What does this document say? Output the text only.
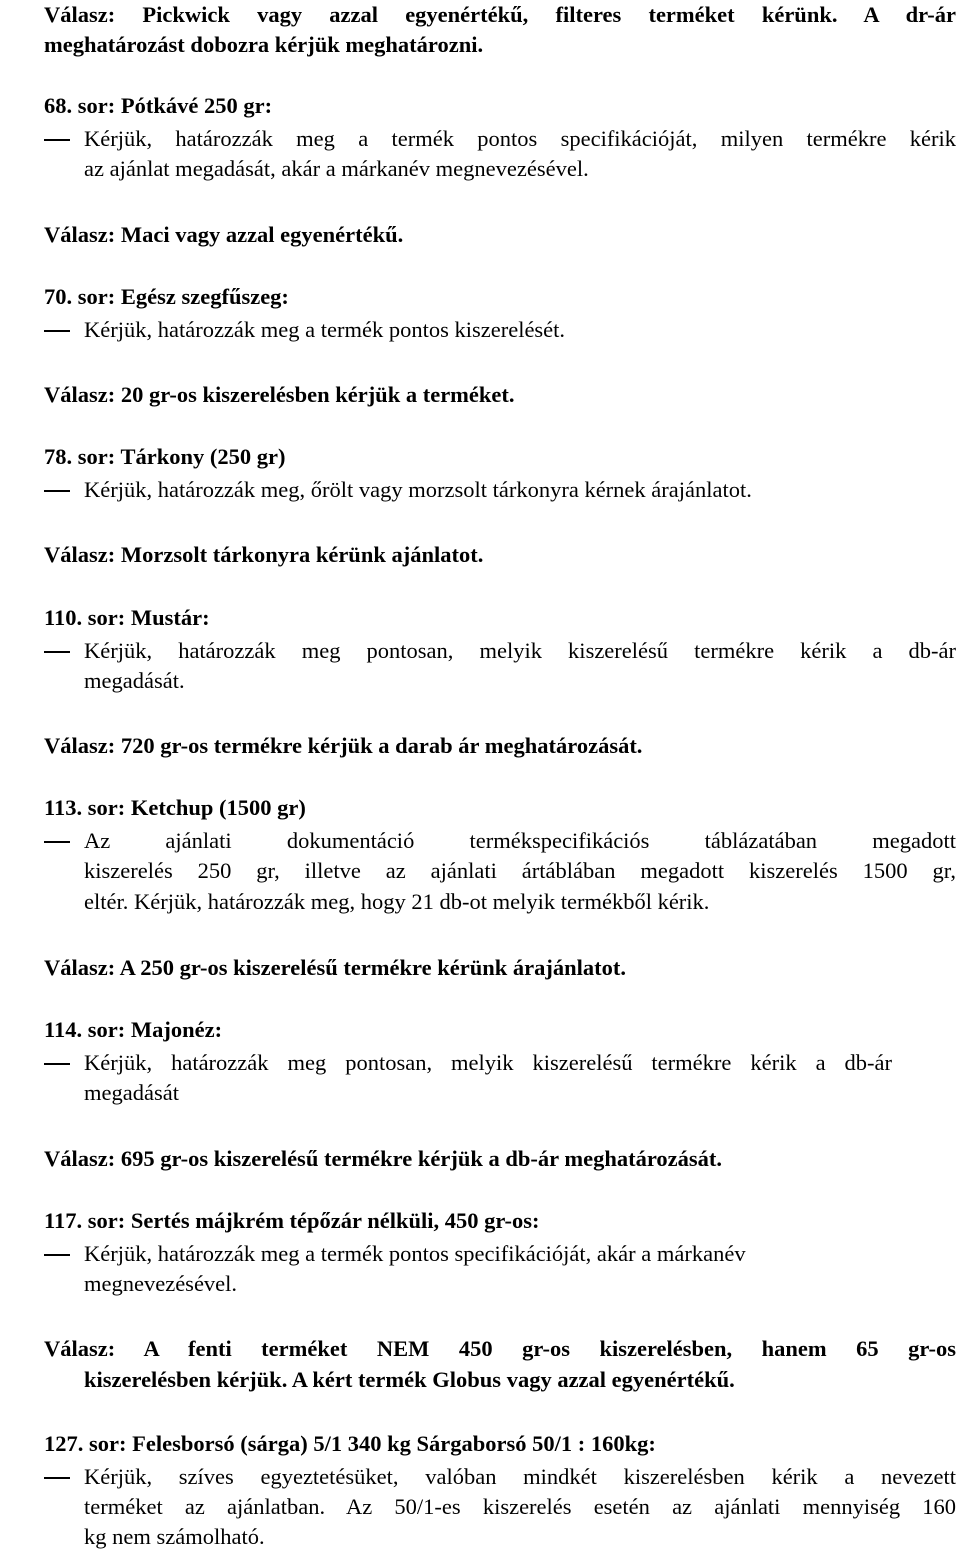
Válasz: Pickwick vagy azzal egyenértékű, filteres terméket kérünk. A dr-ár
meghatározást dobozra kérjük meghatározni.
68. sor: Pótkávé 250 gr:
Kérjük, határozzák meg a termék pontos specifikációját, milyen termékre kérik
az ajánlat megadását, akár a márkanév megnevezésével.
Válasz: Maci vagy azzal egyenértékű.
70. sor: Egész szegfűszeg:
Kérjük, határozzák meg a termék pontos kiszerelését.
Válasz: 20 gr-os kiszerelésben kérjük a terméket.
78. sor: Tárkony (250 gr)
Kérjük, határozzák meg, őrölt vagy morzsolt tárkonyra kérnek árajánlatot.
Válasz: Morzsolt tárkonyra kérünk ajánlatot.
110. sor: Mustár:
Kérjük, határozzák meg pontosan, melyik kiszerelésű termékre kérik a db-ár
megadását.
Válasz: 720 gr-os termékre kérjük a darab ár meghatározását.
113. sor: Ketchup (1500 gr)
Az ajánlati dokumentáció termékspecifikációs táblázatában megadott
kiszerelés 250 gr, illetve az ajánlati ártáblában megadott kiszerelés 1500 gr,
eltér. Kérjük, határozzák meg, hogy 21 db-ot melyik termékből kérik.
Válasz: A 250 gr-os kiszerelésű termékre kérünk árajánlatot.
114. sor: Majonéz:
Kérjük, határozzák meg pontosan, melyik kiszerelésű termékre kérik a db-ár
megadását
Válasz: 695 gr-os kiszerelésű termékre kérjük a db-ár meghatározását.
117. sor: Sertés májkrém tépőzár nélküli, 450 gr-os:
Kérjük, határozzák meg a termék pontos specifikációját, akár a márkanév
megnevezésével.
Válasz: A fenti terméket NEM 450 gr-os kiszerelésben, hanem 65 gr-os
kiszerelésben kérjük. A kért termék Globus vagy azzal egyenértékű.
127. sor: Felesborsó (sárga) 5/1 340 kg Sárgaborsó 50/1 : 160kg:
Kérjük, szíves egyeztetésüket, valóban mindkét kiszerelésben kérik a nevezett
terméket az ajánlatban. Az 50/1-es kiszerelés esetén az ajánlati mennyiség 160
kg nem számolható.
